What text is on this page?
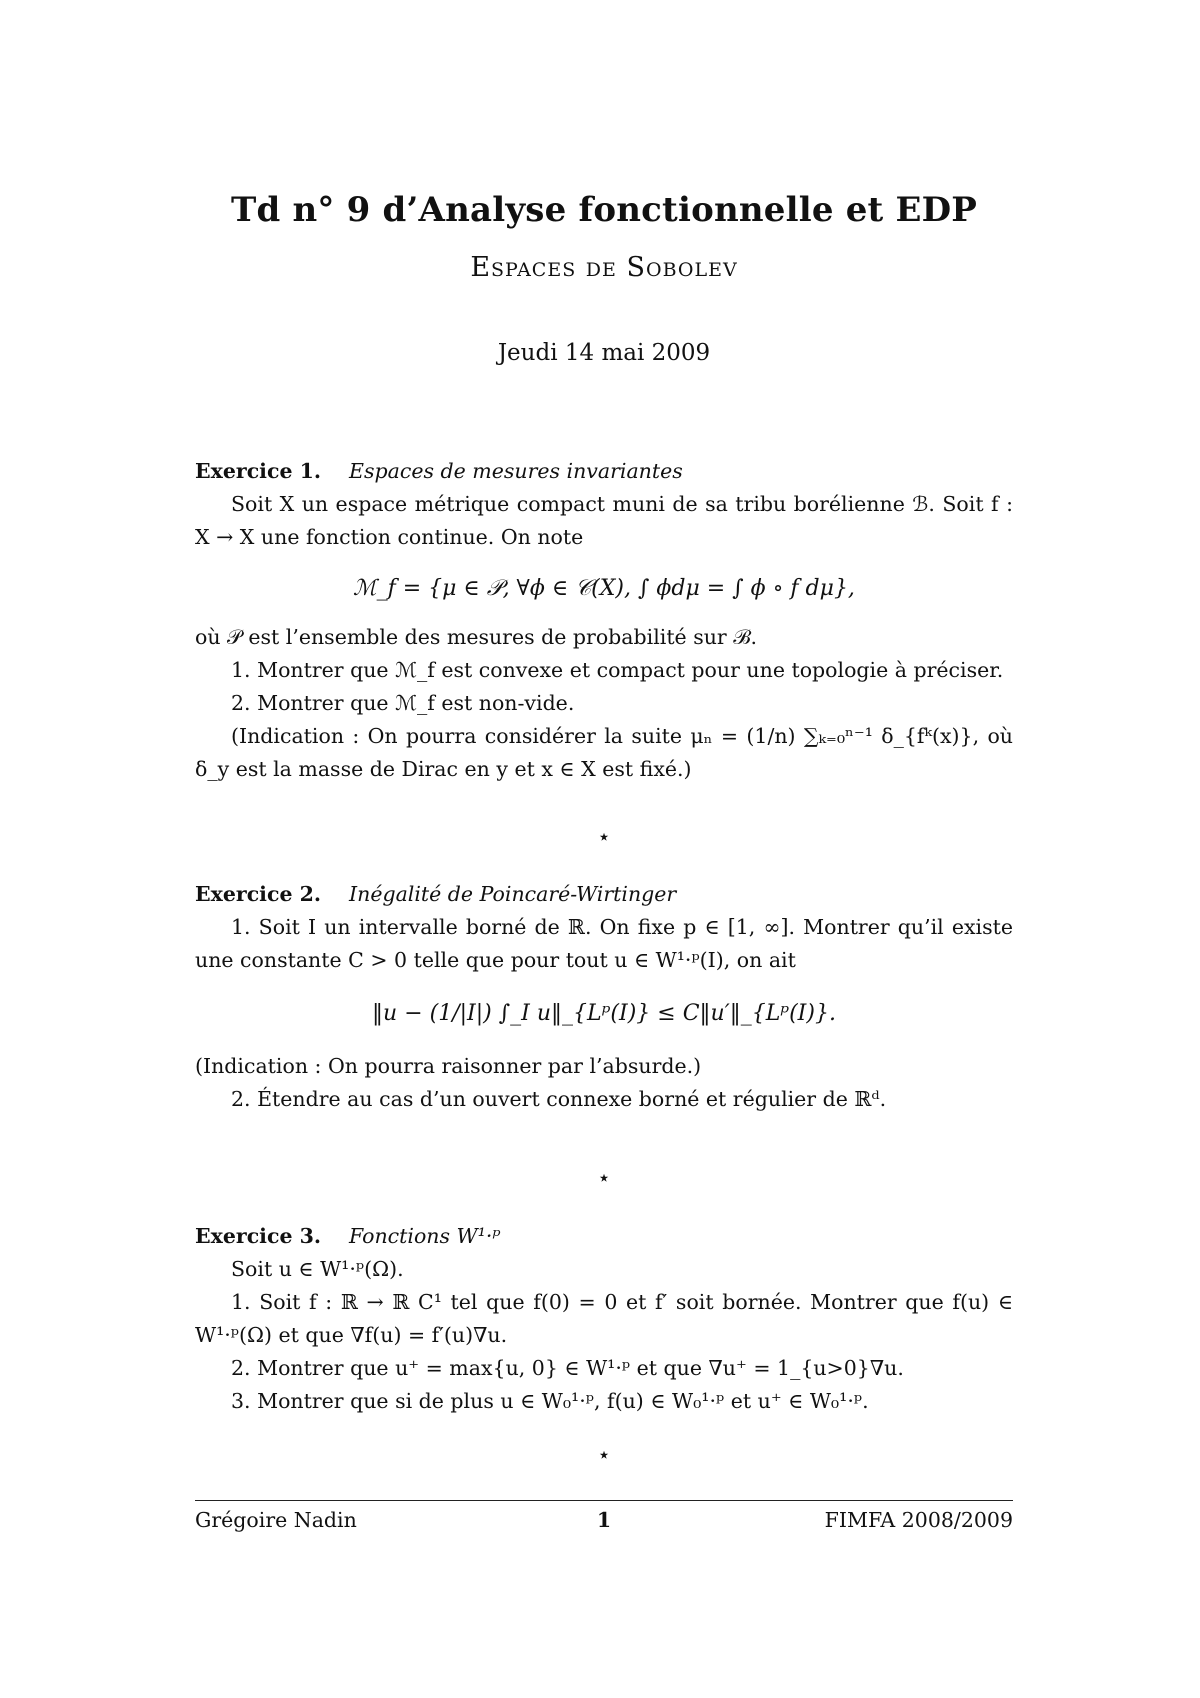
Td n° 9 d’Analyse fonctionnelle et EDP
Espaces de Sobolev
Jeudi 14 mai 2009
Exercice 1. Espaces de mesures invariantes

Soit X un espace métrique compact muni de sa tribu borélienne ℬ. Soit f : X → X une fonction continue. On note

ℳ_f = {μ ∈ 𝒫, ∀ϕ ∈ 𝒞(X), ∫ ϕdμ = ∫ ϕ ∘ f dμ},

où 𝒫 est l’ensemble des mesures de probabilité sur ℬ.

1. Montrer que ℳ_f est convexe et compact pour une topologie à préciser.

2. Montrer que ℳ_f est non-vide.

(Indication : On pourra considérer la suite μₙ = (1/n) ∑ₖ₌₀ⁿ⁻¹ δ_{fᵏ(x)}, où δ_y est la masse de Dirac en y et x ∈ X est fixé.)

⋆
Exercice 2. Inégalité de Poincaré-Wirtinger

1. Soit I un intervalle borné de ℝ. On fixe p ∈ [1, ∞]. Montrer qu’il existe une constante C > 0 telle que pour tout u ∈ W¹·ᵖ(I), on ait

‖u − (1/|I|) ∫_I u‖_{Lᵖ(I)} ≤ C‖u′‖_{Lᵖ(I)}.

(Indication : On pourra raisonner par l’absurde.)

2. Étendre au cas d’un ouvert connexe borné et régulier de ℝᵈ.

⋆
Exercice 3. Fonctions W¹·ᵖ

Soit u ∈ W¹·ᵖ(Ω).

1. Soit f : ℝ → ℝ C¹ tel que f(0) = 0 et f′ soit bornée. Montrer que f(u) ∈ W¹·ᵖ(Ω) et que ∇f(u) = f′(u)∇u.

2. Montrer que u⁺ = max{u, 0} ∈ W¹·ᵖ et que ∇u⁺ = 1_{u>0}∇u.

3. Montrer que si de plus u ∈ W₀¹·ᵖ, f(u) ∈ W₀¹·ᵖ et u⁺ ∈ W₀¹·ᵖ.

⋆
Grégoire Nadin	1	FIMFA 2008/2009
